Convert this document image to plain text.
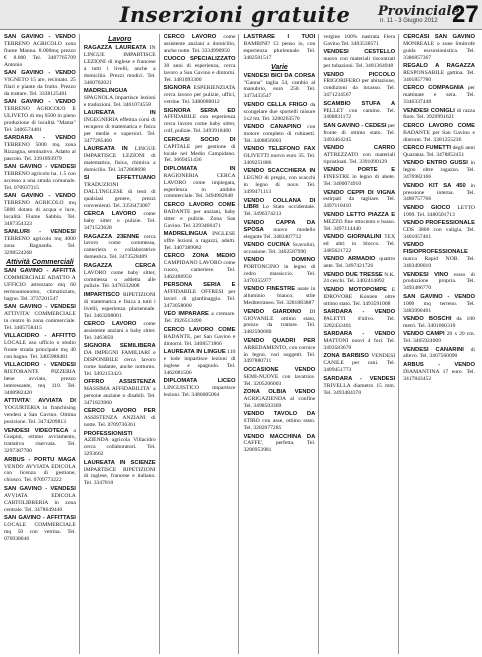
Inserzioni gratuite	Provinciale
n. 11 - 3 Giugno 2012 27
SAN GAVINO - VENDO TERRENO AGRICOLO zona fiume Manna. 8.000mq prezzo € 8.000 Tel. 3407765709 Antonio
SAN GAVINO - VENDO VIGNETO 15 are, recintato. 25 filari e piante da frutto. Prezzo da trattare. Tel. 3338125401
SAN GAVINO - VENDO TERRENO AGRICOLO E ULIVETO di mq 6500 in pieno produzione di località "Mama" Tel. 3406574481
SARDARA - VENDO TERRENO 5000 mq zona Rizzagna, seminativo. Adatto al pascolo. Tel. 3391893979
SAN GAVINO - VENDESI TERRENO agricolo ha. 1.5 con accesso a una strada comunale. Tel. 070937315
SAN GAVINO - VENDO TERRENO AGRICOLO mq 5800 dotato di acqua e luce, località Fiume Sabbia. Tel. 3487354323
SANLURI - VENDESI TERRENO agricolo mq 4000 zona Bagnardu. Tel. 3298524268
Attività Commerciali
SAN GAVINO - AFFITTA COMMERCIALE ADATTO A UFFICIO attrezzato mq 60 termoautonomo, climatizzato, bagno. Tel. 3737201547
SAN GAVINO - VENDESI ATTIVITA' COMMERCIALE in centro in zona commerciale. Tel. 3405758415
VILLACIDRO - AFFITTO LOCALE uso ufficio o studio fronte strada principale mq 40 con bagno. Tel. 3405988481
VILLACIDRO - VENDESI RISTORANTE PIZZERIA bene avviato, prezzo interessante, mq 110. Tel. 3408982420
ATTIVITA' AVVIATA DI YOGURTERIA in franchising vendesi a San Gavino. Ottima posizione. Tel. 3474209813
VENDESI VIDEOTECA a Guspini, ottimo avviamento, trattativa riservata. Tel. 3297387700
ARBUS - PORTU MAGA VENDO AVVIATA EDICOLA con licenza di gestione, chiosco. Tel. 0709773222
SAN GAVINO - VENDESI AVVIATA EDICOLA CARTOLIBRERIA in zona centrale. Tel. 3478649446
SAN GAVINO - AFFITTASI LOCALE COMMERCIALE mq 50 con vetrina. Tel. 070938046
Lavoro
RAGAZZA LAUREATA IN LINGUE IMPARTISCE LEZIONI di inglese e francese a tutti i livelli, anche a domicilio. Prezzi modici. Tel. 3460782021
MADRELINGUA SPAGNOLA impartisce lezioni e traduzioni. Tel. 3461074558
LAUREATA IN INGEGNERIA effettua corsi di recupero di matematica e fisica per medie e superiori. Tel. 3477285460
LAUREATA IN LINGUE IMPARTISCE LEZIONI di matematica, fisica, chimica a domicilio. Tel. 3472868698
SI EFFETTUANO TRADUZIONI DALL'INGLESE di testi di qualsiasi genere, prezzi convenienti. Tel. 3356473087
CERCA LAVORO come baby sitter o pulizie. Tel. 3471523628
RAGAZZA 23ENNE cerca lavoro come commessa, cameriera o collaboratrice domestica. Tel. 3473528489
RAGAZZA CERCA LAVORO come baby sitter, commessa o addetta alle pulizie. Tel. 3476332808
IMPARTISCO RIPETIZIONI di matematica e fisica a tutti i livelli, esperienza pluriennale. Tel. 3463208001
CERCO LAVORO come assistente anziani o baby sitter. Tel. 3463850
SIGNORA SEMILIBERA DA IMPEGNI FAMILIARI e DISPONIBILE cerca lavoro come badante, anche notturno. Tel. 3492153423
OFFRO ASSISTENZA MASSIMA AFFIDABILITA' a persone anziane o disabili. Tel. 3471823960
CERCO LAVORO PER ASSISTENZA ANZIANI di notte. Tel. 0709736361
PROFESSIONISTI AZIENDA agricola Villacidro cerca collaboratori. Tel. 3293662
LAUREATA IN SCIENZE IMPARTISCE RIPETIZIONI di inglese, francese e italiano. Tel. 3347810
CERCO LAVORO come assistente anziani a domicilio, anche notte. Tel. 3334990950
CUOCO SPECIALIZZATO 30 anni di esperienza, cerca lavoro a San Gavino e dintorni. Tel. 3481093300
SIGNORA ESPERIENZIATA cerca lavoro per pulizie, uffici, vetrine. Tel. 3480088012
SIGNORA SERIA ED AFFIDABILE con esperienza cerca lavoro come baby sitter, colf, pulizie. Tel. 3493918480
CERCASI SOCIO DI CAPITALE per gestione di locale nel Medio Campidano. Tel. 3669451436
DIPLOMATA IN RAGIONERIA CERCA LAVORO come impiegata, esperienza in ambito commerciale. Tel. 3494982048
CERCO LAVORO COME BADANTE per anziani, baby sitter e pulizie. Zona San Gavino. Tel. 3293466471
MADRELINGUA INGLESE offre lezioni a ragazzi, adulti. Tel. 3407389082
CERCO ZONA MEDIO CAMPIDANO LAVORO come cuoco, cameriere. Tel. 3462486950
PERSONA SERIA E AFFIDABILE OFFRESI per lavori di giardinaggio. Tel. 3473058000
VEO IMPARARE a cremare. Tel. 3926513490
CERCO LAVORO COME BADANTE, per San Gavino e dintorni. Tel. 3408571866
LAUREATA IN LINGUE 110 e lode impartisce lezioni di inglese e spagnolo. Tel. 3462081506
DIPLOMATA LICEO LINGUISTICO impartisce lezioni. Tel. 3486085004
LASTRARE I TUOI BAMBINI? Ci penso io, con esperienza pluriennale. Tel. 3482501517
Varie
VENDESI BICI DA CORSA "Ganna" taglia 54, cambio al manubrio, euro 250. Tel. 3473433547
VENDO CELLA FRIGO da scongelare due sportelli misure 1x2 mt. Tel. 3280263570
VENDO CANAPINO con motore completo di rubinetti. Tel. 3408856003
VENDO TELEFONO FAX OLIVETTI nuovo euro 35. Tel. 3409251886
VENDO SCACCHIERA IN LEGNO di pregio, con scacchi in legno di noce. Tel. 3499471113
VENDO COLLANA DI LIBRI Lo Stato occidentale. Tel. 3496374213
VENDO CAPPA DA SPOSA nuovo modello elegante Tel. 3483407712
VENDO CUCINA Scavolini, occasione. Tel. 3402587990
VENDO DOMINO PORTONCINO in legno di cedro massiccio. Tel. 3470355977
VENDO FINESTRE usate in alluminio bianco, stile Mediterraneo. Tel. 3281883887
VENDO GIARDINO DI GIOVANILE ottimo stato, prezzo da trattare. Tel. 3482590680
VENDO QUADRI PER ARREDAMENTO, con cornice in legno, vari soggetti. Tel. 3497880711
OCCASIONE VENDO SEMI-NUOVE con lavatrice. Tel. 3205206003
ZONA OLBIA VENDO AGRIGAZIENDA al confine Tel. 3498503369
VENDO TAVOLO DA STIRO con asse, ottimo stato. Tel. 3282077285
VENDO MACCHINA DA CAFFE', perfetta. Tel. 3286953981
vergine 100% nastrata Fiera Gavino Tel. 3403538571
VENDESI CESTELLO nuovo con materiali riscontrati per tubazioni. Tel. 3481364948
VENDO PICCOLO FRIGORIFERO per abitazione, condizioni da incasso. Tel. 3471234567
SCAMBIO STUFA A PELLET con camino. Tel. 3408831172
SAN GAVINO - CEDESI per fronte di ottimo stato. Tel. 3493464245
VENDO CARRO ATTREZZATO con materiali ripristinati. Tel. 3391090129
VENDO PORTE E FINESTRE in legno di abete. Tel. 3400074910
VENDO CEPPI DI VIGNA estirpati da tagliare. Tel. 3497110410
VENDO LETTO PIAZZA E MEZZO fine ottocento e basso. Tel. 3497114440
VENDO GIORNALINI TEX ed altri in blocco. Tel. 3485621722
VENDO ARMADIO quattro ante. Tel. 3497421726
VENDO DUE TRESSE N.K. 24 cerchi. Tel. 3402414892
VENDO MOTOPOMPE E IDROVORE Konnen oltre ottimo stato. Tel. 3493591008
SARDARA - VENDO PALETTI d'ulivo. Tel. 3282432401
SARDARA - VENDO MATTONI nuovi 4 fori. Tel. 3493583670
ZONA BARBISO VENDESI CANILE per cani. Tel. 3409451773
SARDARA - VENDESI TRIVELLA diametro 15 mm. Tel. 3493484370
CERCASI SAN GAVINO MONREALE o zone limitrofe guida escursionistica. Tel. 3386857367
REGALO A RAGAZZA RESPONSABILE gattina. Tel. 3401857780
CERCO COMPAGNIA per mattinate e sera. Tel. 3346337448
VENDESI CONIGLI di razza fiore. Tel. 3929991621
CERCO LAVORO COME BADANTE per San Gavino e dintorni. Tel. 3381255236
CERCO FUMETTI degli anni Quaranta. Tel. 3478852451
VENDO ENTRO GUSSI in legno oltre ragazzo. Tel. 3476982166
VENDO KIT SA 450 in pressione interna. Tel. 3480757766
VENDO GIOCO LETTO 1999. Tel. 3480501713
VENDO PROFESSIONALE CDS 3800 con valigia. Tel. 3401057461
VENDO FISIOPROFESSIONALE marca Rapid NOB. Tel. 3403490010
VENDESI VINO rosso di produzione propria. Tel. 3493486770
SAN GAVINO - VENDO 1000 mq terreno. Tel. 3483990401
VENDO BOSCHI da 100 metri. Tel. 3401060310
VENDO CAMPI 20 x 20 cm. Tel. 3405924009
VENDESI CANARINI di allevo. Tel. 3467560090
ARBUS - VENDO DIAMANTINA 17 euro. Tel. 3417843452
